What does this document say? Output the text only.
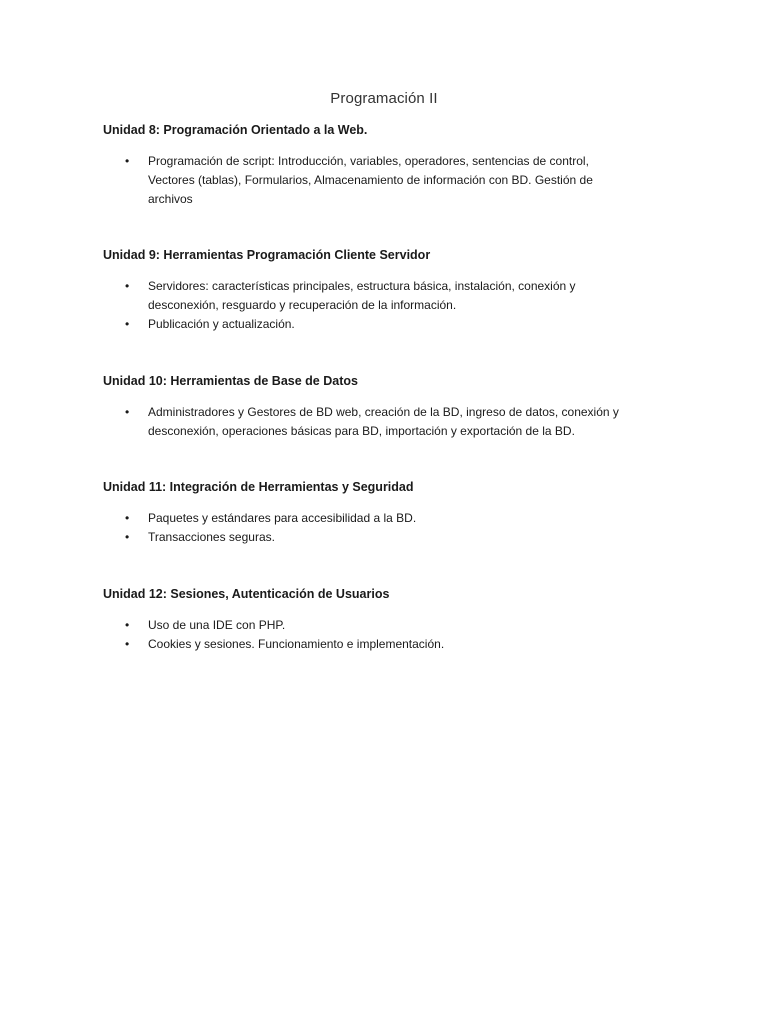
Programación II
Unidad 8: Programación Orientado a la Web.
• Programación de script: Introducción, variables, operadores, sentencias de control, Vectores (tablas), Formularios, Almacenamiento de información con BD. Gestión de archivos
Unidad 9: Herramientas Programación Cliente Servidor
• Servidores: características principales, estructura básica, instalación, conexión y desconexión, resguardo y recuperación de la información.
• Publicación y actualización.
Unidad 10: Herramientas de Base de Datos
• Administradores y Gestores de BD web, creación de la BD, ingreso de datos, conexión y desconexión, operaciones básicas para BD, importación y exportación de la BD.
Unidad 11: Integración de Herramientas y Seguridad
• Paquetes y estándares para accesibilidad a la BD.
• Transacciones seguras.
Unidad 12: Sesiones, Autenticación de Usuarios
• Uso de una IDE con PHP.
• Cookies y sesiones. Funcionamiento e implementación.
